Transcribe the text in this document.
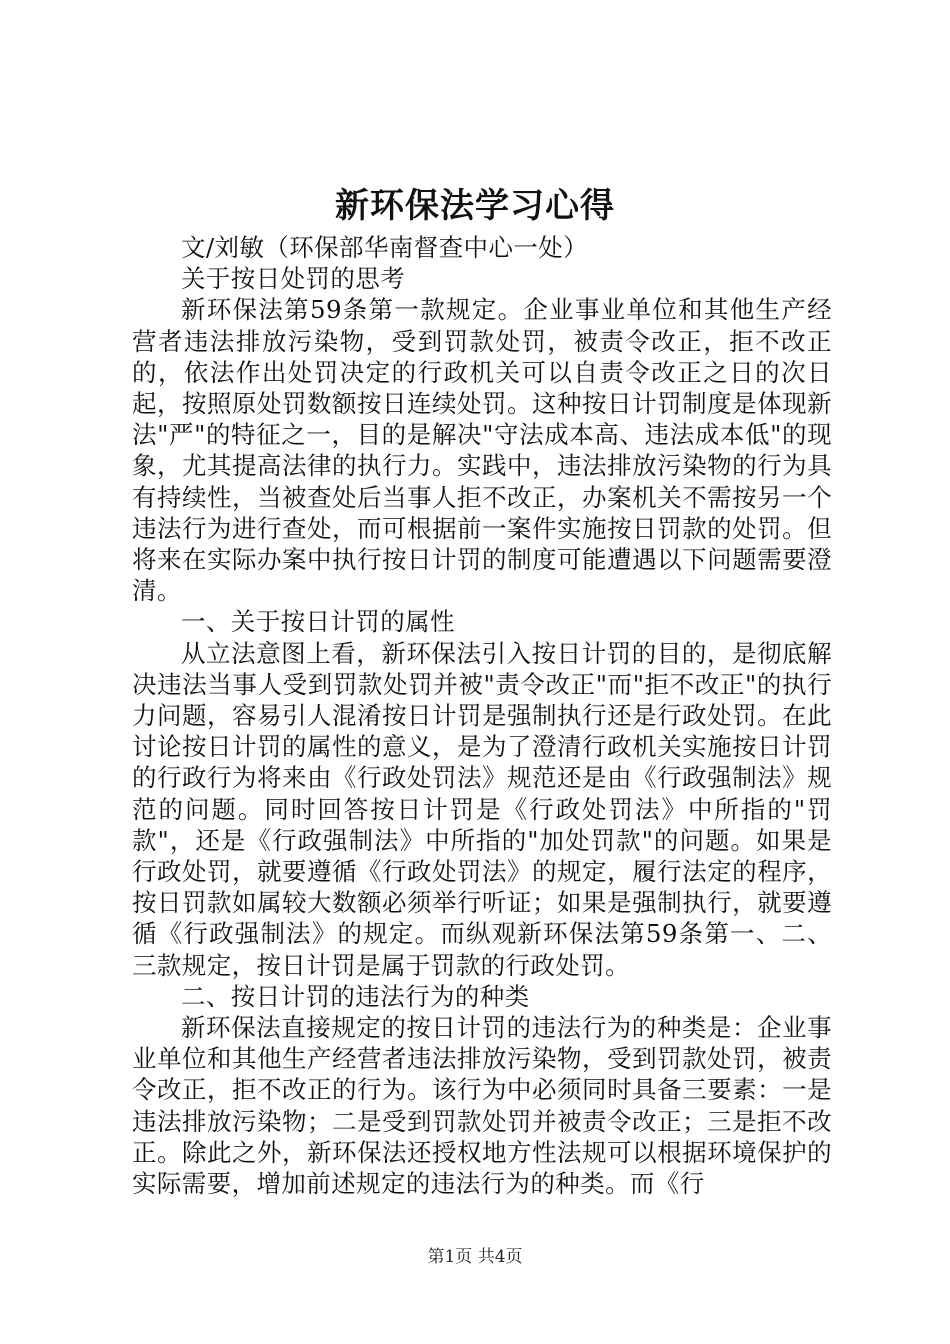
新环保法学习心得

文/刘敏（环保部华南督查中心一处）

关于按日处罚的思考

新环保法第59条第一款规定。企业事业单位和其他生产经营者违法排放污染物，受到罚款处罚，被责令改正，拒不改正的，依法作出处罚决定的行政机关可以自责令改正之日的次日起，按照原处罚数额按日连续处罚。这种按日计罚制度是体现新法"严"的特征之一，目的是解决"守法成本高、违法成本低"的现象，尤其提高法律的执行力。实践中，违法排放污染物的行为具有持续性，当被查处后当事人拒不改正，办案机关不需按另一个违法行为进行查处，而可根据前一案件实施按日罚款的处罚。但将来在实际办案中执行按日计罚的制度可能遭遇以下问题需要澄清。

一、关于按日计罚的属性

从立法意图上看，新环保法引入按日计罚的目的，是彻底解决违法当事人受到罚款处罚并被"责令改正"而"拒不改正"的执行力问题，容易引人混淆按日计罚是强制执行还是行政处罚。在此讨论按日计罚的属性的意义，是为了澄清行政机关实施按日计罚的行政行为将来由《行政处罚法》规范还是由《行政强制法》规范的问题。同时回答按日计罚是《行政处罚法》中所指的"罚款"，还是《行政强制法》中所指的"加处罚款"的问题。如果是行政处罚，就要遵循《行政处罚法》的规定，履行法定的程序，按日罚款如属较大数额必须举行听证；如果是强制执行，就要遵循《行政强制法》的规定。而纵观新环保法第59条第一、二、三款规定，按日计罚是属于罚款的行政处罚。

二、按日计罚的违法行为的种类

新环保法直接规定的按日计罚的违法行为的种类是：企业事业单位和其他生产经营者违法排放污染物，受到罚款处罚，被责令改正，拒不改正的行为。该行为中必须同时具备三要素：一是违法排放污染物；二是受到罚款处罚并被责令改正；三是拒不改正。除此之外，新环保法还授权地方性法规可以根据环境保护的实际需要，增加前述规定的违法行为的种类。而《行

第1页 共4页
